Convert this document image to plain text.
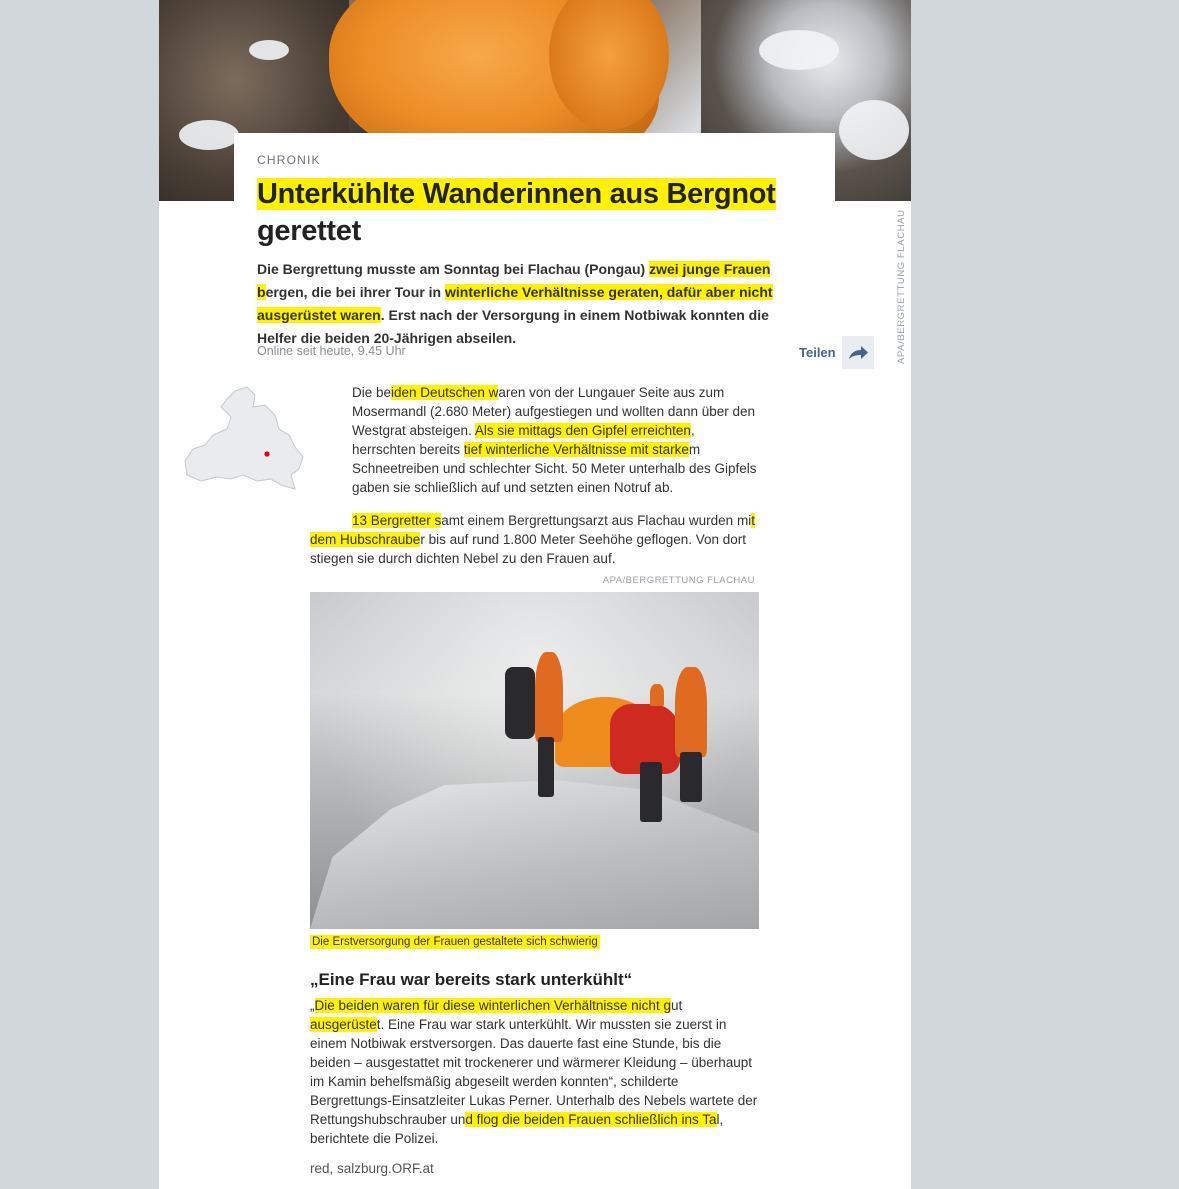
APA/BERGRETTUNG FLACHAU
CHRONIK
Unterkühlte Wanderinnen aus Bergnot gerettet
Die Bergrettung musste am Sonntag bei Flachau (Pongau) zwei junge Frauen bergen, die bei ihrer Tour in winterliche Verhältnisse geraten, dafür aber nicht ausgerüstet waren. Erst nach der Versorgung in einem Notbiwak konnten die Helfer die beiden 20-Jährigen abseilen.
Online seit heute, 9.45 Uhr	Teilen
Die beiden Deutschen waren von der Lungauer Seite aus zum Mosermandl (2.680 Meter) aufgestiegen und wollten dann über den Westgrat absteigen. Als sie mittags den Gipfel erreichten, herrschten bereits tief winterliche Verhältnisse mit starkem Schneetreiben und schlechter Sicht. 50 Meter unterhalb des Gipfels gaben sie schließlich auf und setzten einen Notruf ab.
13 Bergretter samt einem Bergrettungsarzt aus Flachau wurden mit dem Hubschrauber bis auf rund 1.800 Meter Seehöhe geflogen. Von dort stiegen sie durch dichten Nebel zu den Frauen auf.
APA/BERGRETTUNG FLACHAU
Die Erstversorgung der Frauen gestaltete sich schwierig
„Eine Frau war bereits stark unterkühlt“
„Die beiden waren für diese winterlichen Verhältnisse nicht gut ausgerüstet. Eine Frau war stark unterkühlt. Wir mussten sie zuerst in einem Notbiwak erstversorgen. Das dauerte fast eine Stunde, bis die beiden – ausgestattet mit trockenerer und wärmerer Kleidung – überhaupt im Kamin behelfsmäßig abgeseilt werden konnten“, schilderte Bergrettungs-Einsatzleiter Lukas Perner. Unterhalb des Nebels wartete der Rettungshubschrauber und flog die beiden Frauen schließlich ins Tal, berichtete die Polizei.
red, salzburg.ORF.at
